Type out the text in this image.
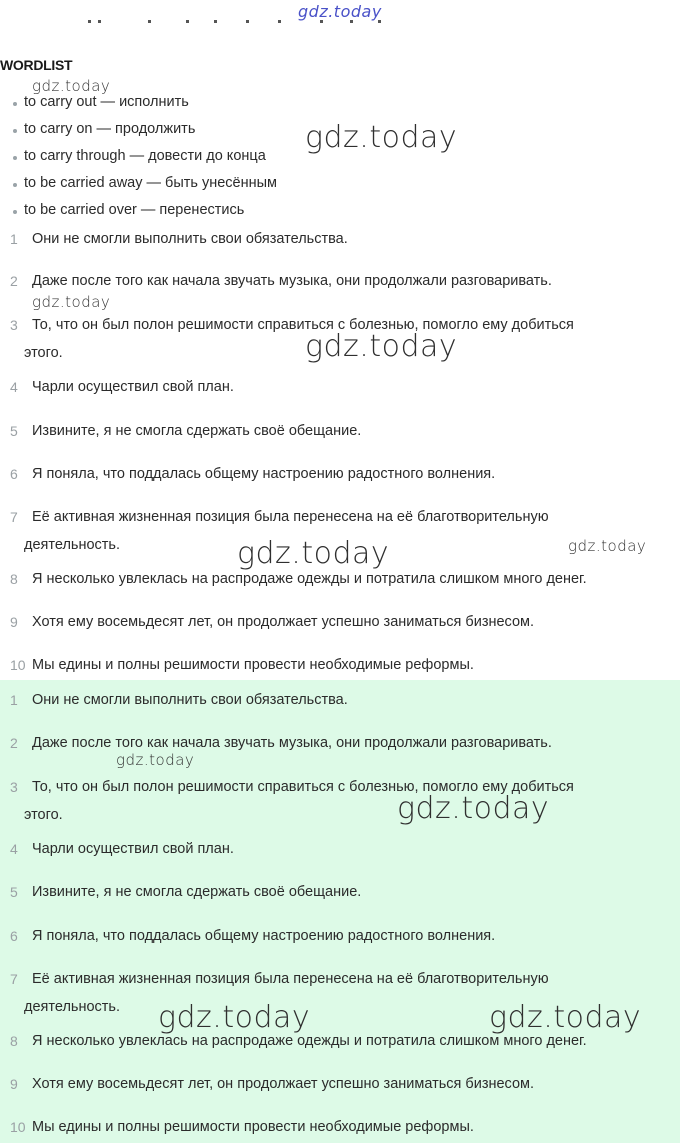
WORDLIST
to carry out — исполнить
to carry on — продолжить
to carry through — довести до конца
to be carried away — быть унесённым
to be carried over — перенестись
1 Они не смогли выполнить свои обязательства.
2 Даже после того как начала звучать музыка, они продолжали разговаривать.
3 То, что он был полон решимости справиться с болезнью, помогло ему добиться
этого.
4 Чарли осуществил свой план.
5 Извините, я не смогла сдержать своё обещание.
6 Я поняла, что поддалась общему настроению радостного волнения.
7 Её активная жизненная позиция была перенесена на её благотворительную
деятельность.
8 Я несколько увлеклась на распродаже одежды и потратила слишком много денег.
9 Хотя ему восемьдесят лет, он продолжает успешно заниматься бизнесом.
10 Мы едины и полны решимости провести необходимые реформы.
1 Они не смогли выполнить свои обязательства.
2 Даже после того как начала звучать музыка, они продолжали разговаривать.
3 То, что он был полон решимости справиться с болезнью, помогло ему добиться
этого.
4 Чарли осуществил свой план.
5 Извините, я не смогла сдержать своё обещание.
6 Я поняла, что поддалась общему настроению радостного волнения.
7 Её активная жизненная позиция была перенесена на её благотворительную
деятельность.
8 Я несколько увлеклась на распродаже одежды и потратила слишком много денег.
9 Хотя ему восемьдесят лет, он продолжает успешно заниматься бизнесом.
10 Мы едины и полны решимости провести необходимые реформы.
gdz.today
gdz.today
gdz.today
gdz.today
gdz.today
gdz.today	gdz.today
gdz.today
gdz.today
gdz.today	gdz.today
